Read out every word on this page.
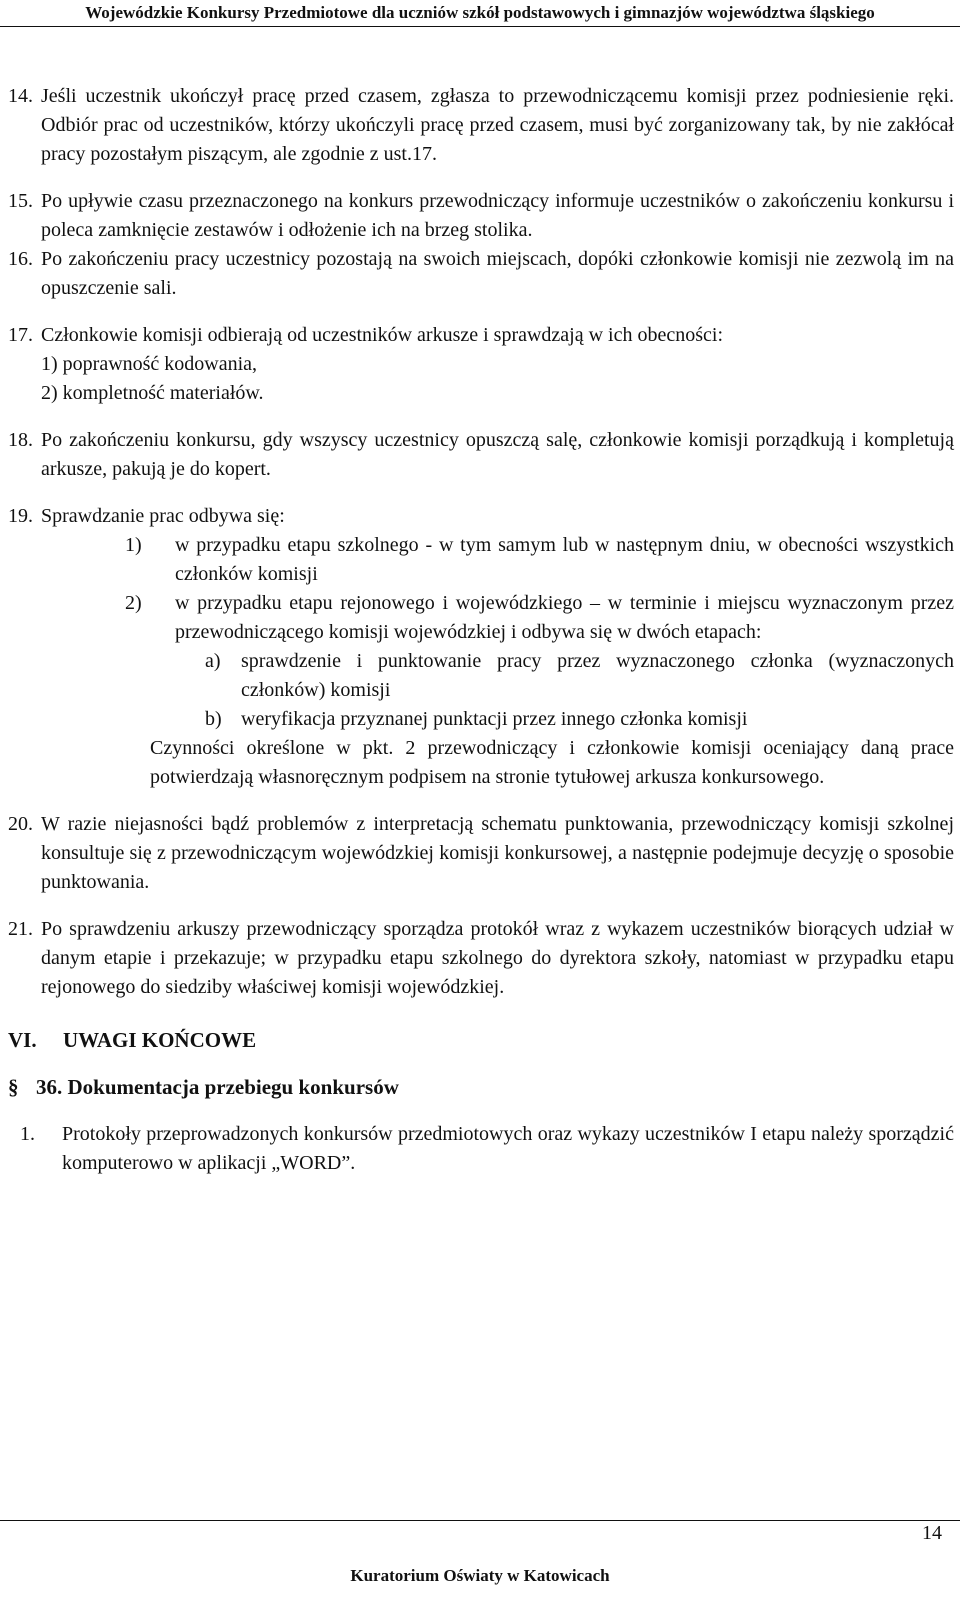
Wojewódzkie Konkursy Przedmiotowe dla uczniów szkół podstawowych i gimnazjów województwa śląskiego
14. Jeśli uczestnik ukończył pracę przed czasem, zgłasza to przewodniczącemu komisji przez podniesienie ręki. Odbiór prac od uczestników, którzy ukończyli pracę przed czasem, musi być zorganizowany tak, by nie zakłócał pracy pozostałym piszącym, ale zgodnie z ust.17.
15. Po upływie czasu przeznaczonego na konkurs przewodniczący informuje uczestników o zakończeniu konkursu i poleca zamknięcie zestawów i odłożenie ich na brzeg stolika.
16. Po zakończeniu pracy uczestnicy pozostają na swoich miejscach, dopóki członkowie komisji nie zezwolą im na opuszczenie sali.
17. Członkowie komisji odbierają od uczestników arkusze i sprawdzają w ich obecności:
1) poprawność kodowania,
2) kompletność materiałów.
18. Po zakończeniu konkursu, gdy wszyscy uczestnicy opuszczą salę, członkowie komisji porządkują i kompletują arkusze, pakują je do kopert.
19. Sprawdzanie prac odbywa się:
1)	w przypadku etapu szkolnego - w tym samym lub w następnym dniu, w obecności wszystkich członków komisji
2)	w przypadku etapu rejonowego i wojewódzkiego – w terminie i miejscu wyznaczonym przez przewodniczącego komisji wojewódzkiej i odbywa się w dwóch etapach:
a)	sprawdzenie i punktowanie pracy przez wyznaczonego członka (wyznaczonych członków) komisji
b) weryfikacja przyznanej punktacji przez innego członka komisji
Czynności określone w pkt. 2 przewodniczący i członkowie komisji oceniający daną prace potwierdzają własnoręcznym podpisem na stronie tytułowej arkusza konkursowego.
20. W razie niejasności bądź problemów z interpretacją schematu punktowania, przewodniczący komisji szkolnej konsultuje się z przewodniczącym wojewódzkiej komisji konkursowej, a następnie podejmuje decyzję o sposobie punktowania.
21. Po sprawdzeniu arkuszy przewodniczący sporządza protokół wraz z wykazem uczestników biorących udział w danym etapie i przekazuje; w przypadku etapu szkolnego do dyrektora szkoły, natomiast w przypadku etapu rejonowego do siedziby właściwej komisji wojewódzkiej.
VI.	UWAGI KOŃCOWE
§ 36. Dokumentacja przebiegu konkursów
1.	Protokoły przeprowadzonych konkursów przedmiotowych oraz wykazy uczestników I etapu należy sporządzić komputerowo w aplikacji „WORD”.
14
Kuratorium Oświaty w Katowicach
